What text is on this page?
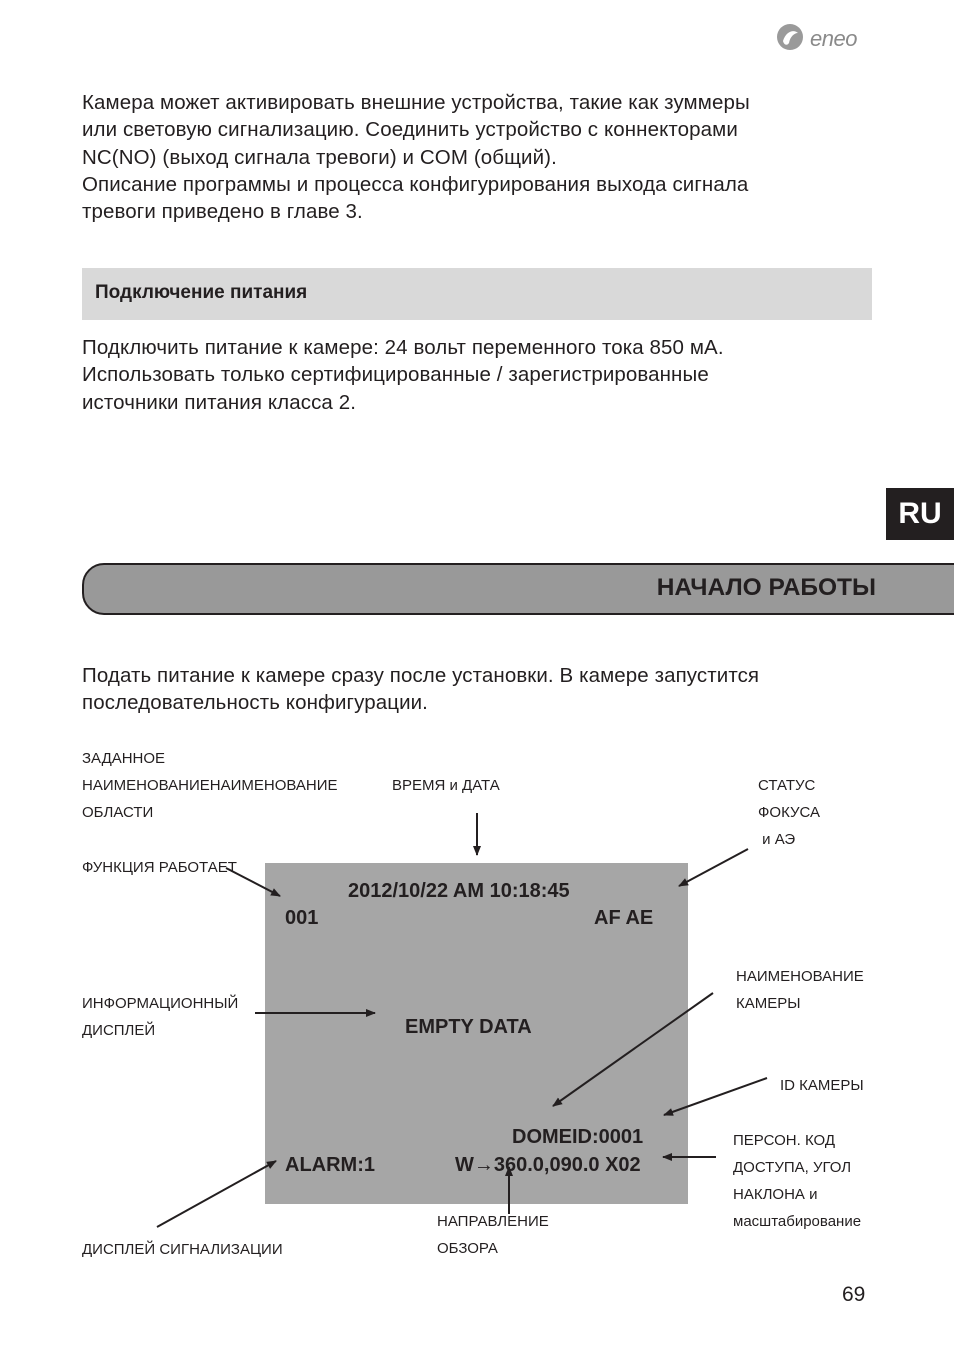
eneo
Камера может активировать внешние устройства, такие как зуммеры
или световую сигнализацию. Соединить устройство с коннекторами
NC(NO) (выход сигнала тревоги) и COM (общий).
Описание программы и процесса конфигурирования выхода сигнала
тревоги приведено в главе 3.
Подключение питания
Подключить питание к камере: 24 вольт переменного тока 850 мА.
Использовать только сертифицированные / зарегистрированные
источники питания класса 2.
RU
НАЧАЛО РАБОТЫ
Подать питание к камере сразу после установки. В камере запустится
последовательность конфигурации.
2012/10/22 AM 10:18:45
001	AF AE
EMPTY DATA
DOMEID:0001
ALARM:1	W→360.0,090.0 X02
ЗАДАННОЕ
НАИМЕНОВАНИЕНАИМЕНОВАНИЕ
ОБЛАСТИ
ВРЕМЯ и ДАТА	СТАТУС
ФОКУСА
и АЭ
ФУНКЦИЯ РАБОТАЕТ
ИНФОРМАЦИОННЫЙ
ДИСПЛЕЙ
НАИМЕНОВАНИЕ
КАМЕРЫ
ID КАМЕРЫ
ПЕРСОН. КОД
ДОСТУПА, УГОЛ
НАКЛОНА и
масштабирование
НАПРАВЛЕНИЕ
ОБЗОРА
ДИСПЛЕЙ СИГНАЛИЗАЦИИ
69
